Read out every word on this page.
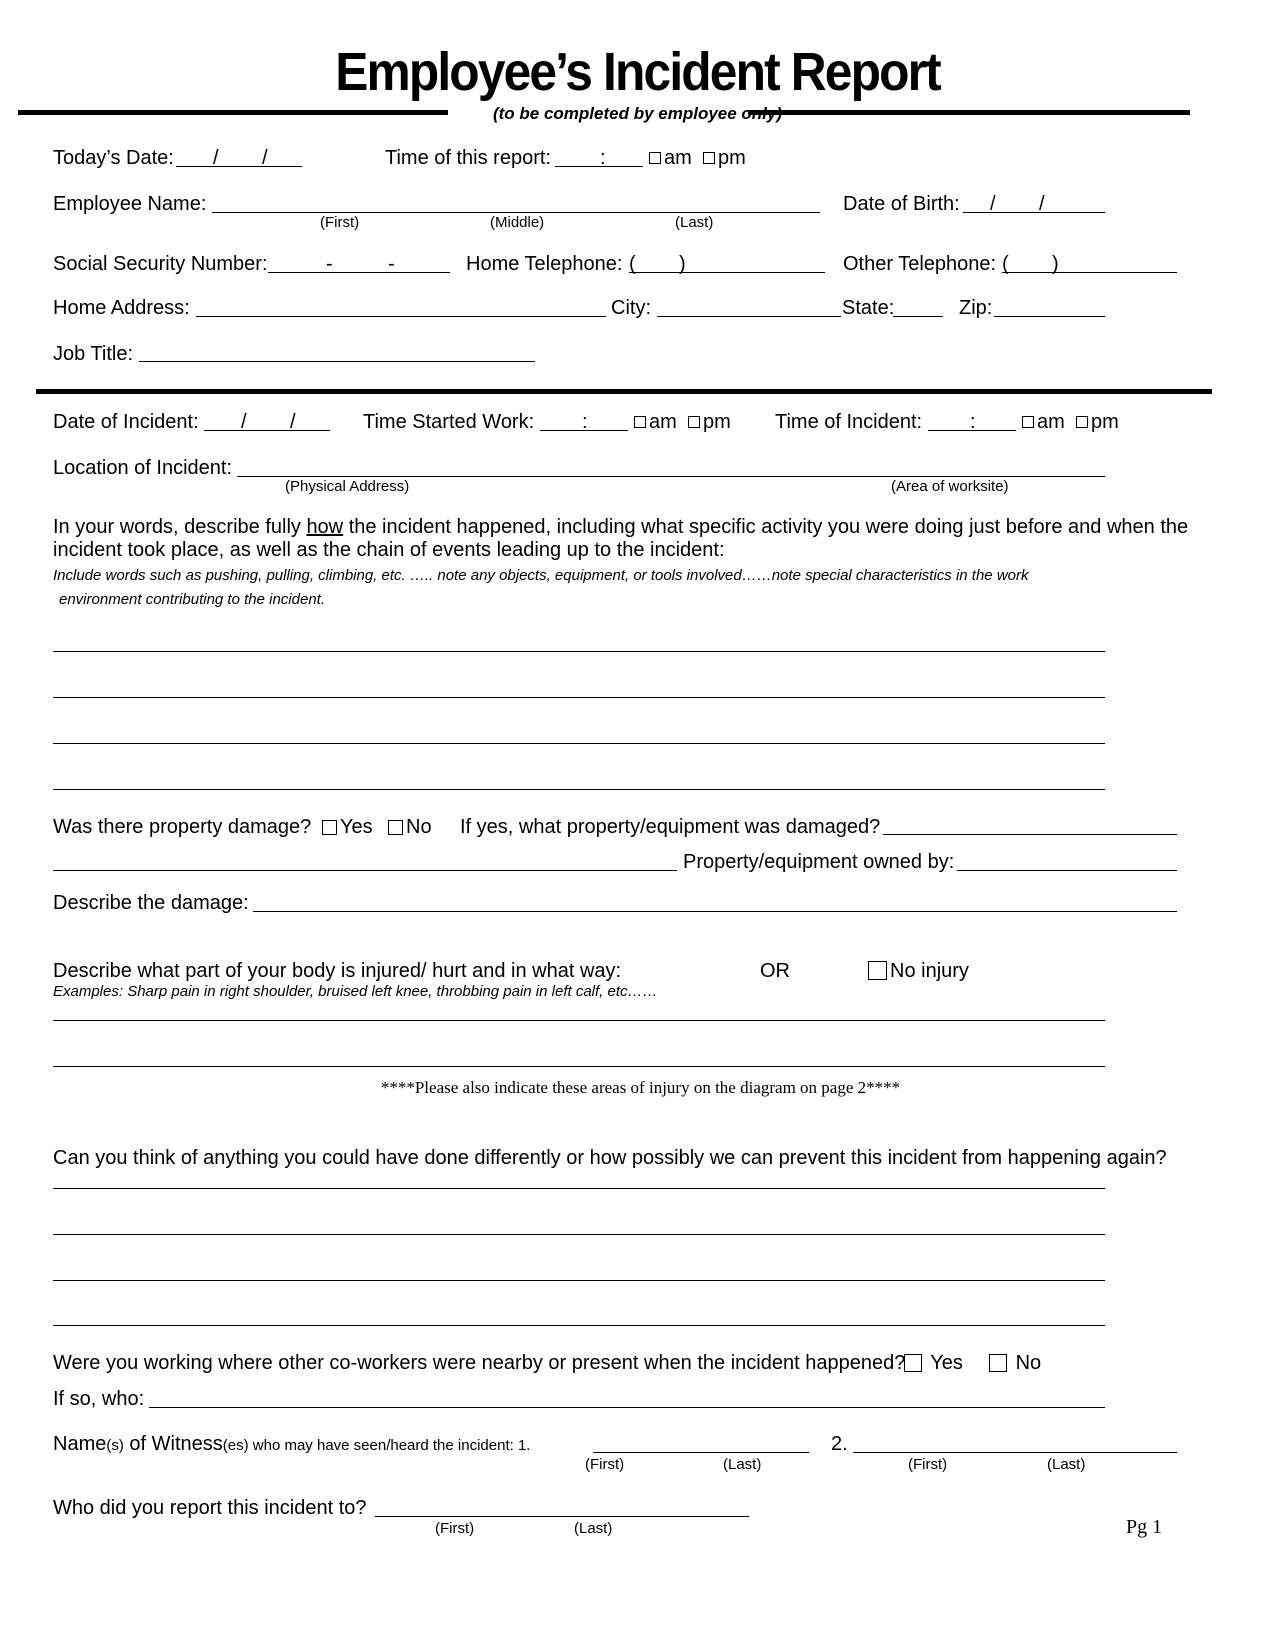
Employee’s Incident Report
(to be completed by employee only)
Today’s Date: / /	Time of this report: :	am	pm
Employee Name:
(First)	(Middle)	(Last)
Date of Birth: / /
Social Security Number:	-	-	Home Telephone: ( )	Other Telephone: ( )
Home Address:	City:	State:	Zip:
Job Title:
Date of Incident: / /	Time Started Work: :	am	pm Time of Incident: :	am	pm
Location of Incident:
(Physical Address)	(Area of worksite)
In your words, describe fully how the incident happened, including what specific activity you were doing just before and when the
incident took place, as well as the chain of events leading up to the incident:
Include words such as pushing, pulling, climbing, etc. ….. note any objects, equipment, or tools involved……note special characteristics in the work
environment contributing to the incident.
Was there property damage?	Yes	No If yes, what property/equipment was damaged?
Property/equipment owned by:
Describe the damage:
Describe what part of your body is injured/ hurt and in what way:	OR	No injury
Examples: Sharp pain in right shoulder, bruised left knee, throbbing pain in left calf, etc……
****Please also indicate these areas of injury on the diagram on page 2****
Can you think of anything you could have done differently or how possibly we can prevent this incident from happening again?
Were you working where other co-workers were nearby or present when the incident happened?	Yes	No
If so, who:
Name(s) of Witness(es) who may have seen/heard the incident: 1.
(First)	(Last)
2.
(First)	(Last)
Who did you report this incident to?
(First)	(Last)	Pg 1
